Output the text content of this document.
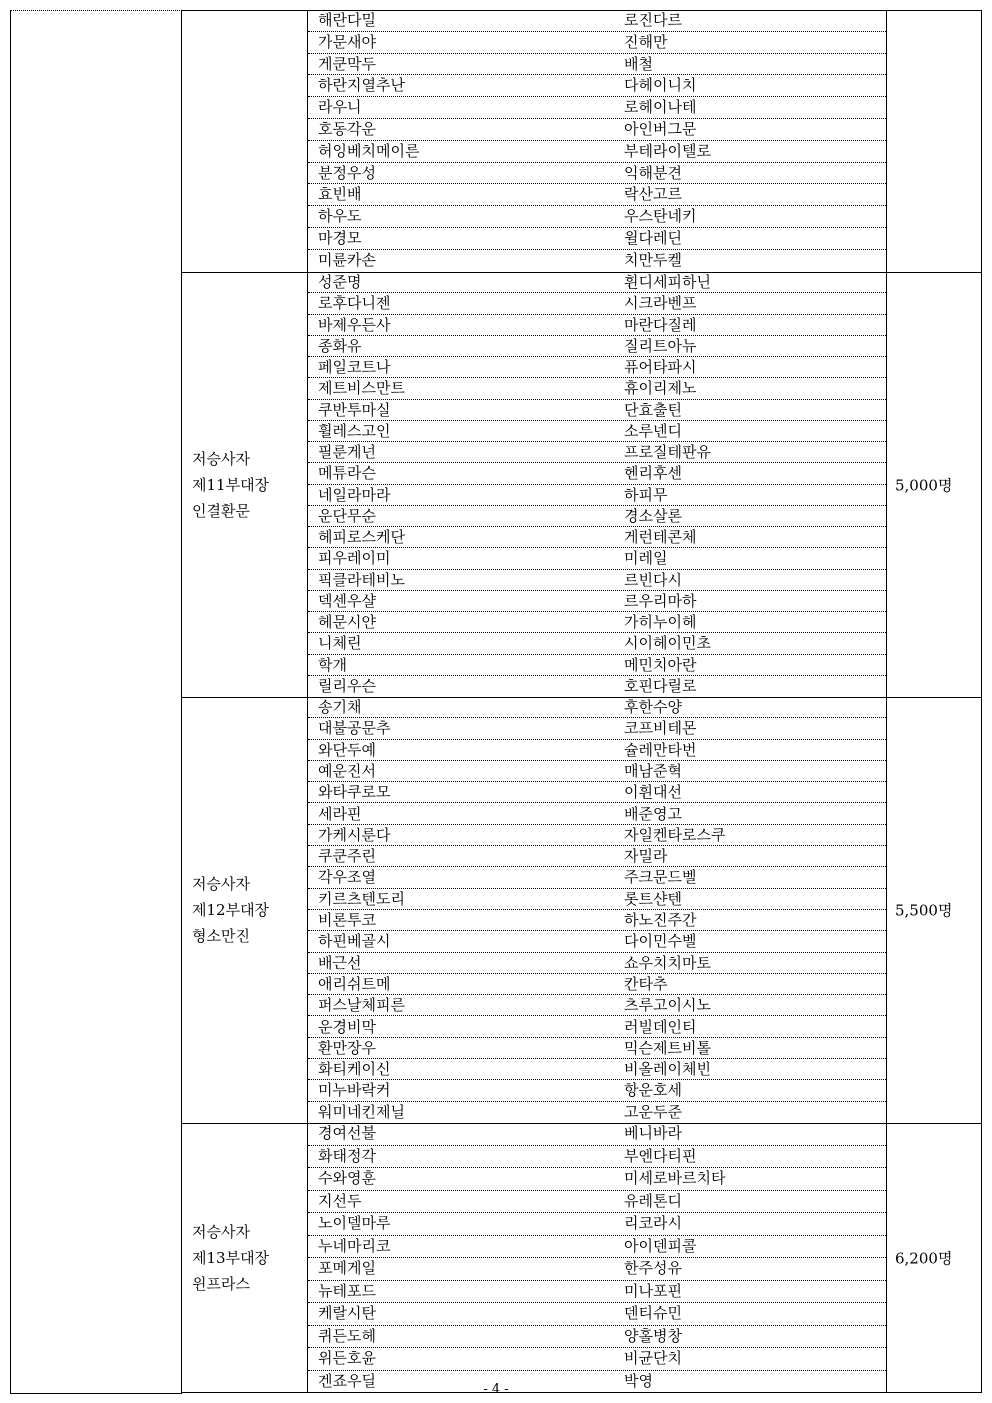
해란다밀	로진다르
가문새야	진해만
게쿤막두	배철
하란지열추난	다헤이니치
라우니	로헤이나테
호동각운	아인버그문
허잉베치메이른	부테라이텔로
분정우성	익해분견
효빈배	락산고르
하우도	우스탄네키
마경모	윌다레딘
미륜카손	치만두켈
저승사자
제11부대장
인결환문
성준명	휜디세피하닌
로후다니젠	시크라벤프
바제우든사	마란다질레
종화유	질리트아뉴
페일코트나	퓨어타파시
제트비스만트	휴이리제노
쿠반투마실	단효출틴
휠레스고인	소루넨디
필룬게넌	프로질테판유
메튜라슨	헨리후센
네일라마라	하피무
운단무순	경소살론
헤피로스케단	게런테콘체
피우레이미	미레일
픽클라테비노	르빈다시
덱센우샬	르우리마하
헤문시얀	가히누이헤
니체린	시이헤이민초
학개	메민치아란
릴리우슨	호핀다릴로
5,000명
저승사자
제12부대장
형소만진
송기채	후한수양
대불공문추	코프비테몬
와단두예	슐레만타번
예운진서	매남준혁
와타쿠로모	이휜대선
세라핀	배준영고
가케시룬다	자일켄타로스쿠
쿠쿤주린	자밀라
각우조열	주크문드벨
키르츠텐도리	롯트샨텐
비론투코	하노진주간
하핀베골시	다이민수벨
배근선	쇼우치치마토
애리쉬트메	칸타추
퍼스날체피른	츠루고이시노
운경비막	러빌데인티
환만장우	믹슨제트비톨
화티케이신	비올레이체빈
미누바락커	항운호세
워미네킨제닐	고운두준
5,500명
저승사자
제13부대장
윈프라스
경여선불	베니바라
화태정각	부엔다티핀
수와영훈	미세로바르치타
지선두	유레톤디
노이델마루	리코라시
누네마리코	아이덴피콜
포메게일	한주성유
뉴테포드	미나포핀
케랄시탄	덴티슈민
퀴든도헤	양홀병창
위든호윤	비균단치
겐죠우딜	박영
6,200명
- 4 -
